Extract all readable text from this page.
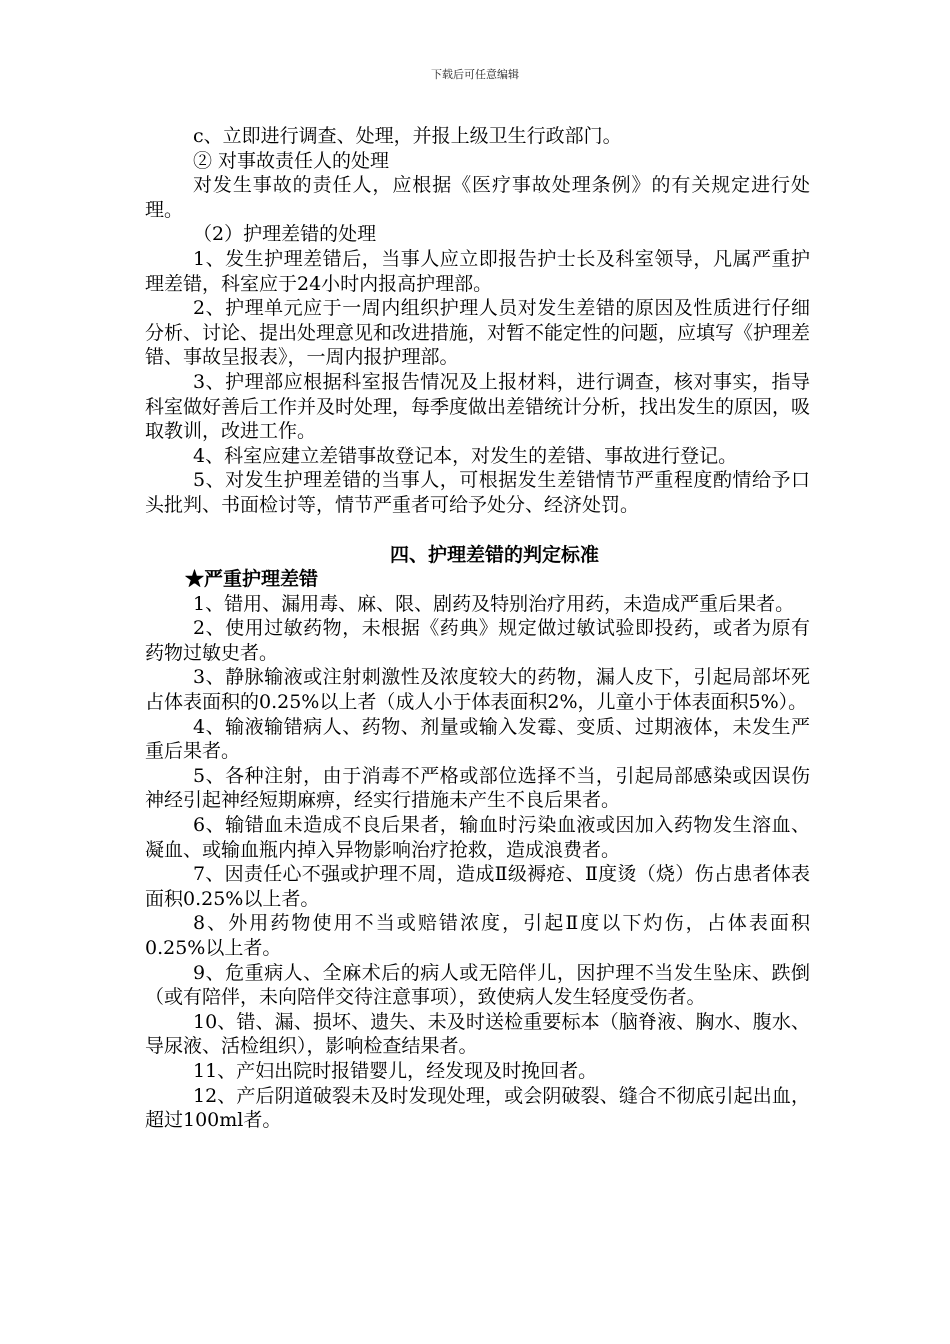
下载后可任意编辑

c、立即进行调查、处理，并报上级卫生行政部门。

② 对事故责任人的处理

对发生事故的责任人，应根据《医疗事故处理条例》的有关规定进行处理。

（2）护理差错的处理

1、发生护理差错后，当事人应立即报告护士长及科室领导，凡属严重护理差错，科室应于24小时内报高护理部。

2、护理单元应于一周内组织护理人员对发生差错的原因及性质进行仔细分析、讨论、提出处理意见和改进措施，对暂不能定性的问题，应填写《护理差错、事故呈报表》，一周内报护理部。

3、护理部应根据科室报告情况及上报材料，进行调查，核对事实，指导科室做好善后工作并及时处理，每季度做出差错统计分析，找出发生的原因，吸取教训，改进工作。

4、科室应建立差错事故登记本，对发生的差错、事故进行登记。

5、对发生护理差错的当事人，可根据发生差错情节严重程度酌情给予口头批判、书面检讨等，情节严重者可给予处分、经济处罚。

四、护理差错的判定标准

★严重护理差错

1、错用、漏用毒、麻、限、剧药及特别治疗用药，未造成严重后果者。

2、使用过敏药物，未根据《药典》规定做过敏试验即投药，或者为原有药物过敏史者。

3、静脉输液或注射刺激性及浓度较大的药物，漏人皮下，引起局部坏死占体表面积的0.25%以上者（成人小于体表面积2%，儿童小于体表面积5%）。

4、输液输错病人、药物、剂量或输入发霉、变质、过期液体，未发生严重后果者。

5、各种注射，由于消毒不严格或部位选择不当，引起局部感染或因误伤神经引起神经短期麻痹，经实行措施未产生不良后果者。

6、输错血未造成不良后果者，输血时污染血液或因加入药物发生溶血、凝血、或输血瓶内掉入异物影响治疗抢救，造成浪费者。

7、因责任心不强或护理不周，造成Ⅱ级褥疮、Ⅱ度烫（烧）伤占患者体表面积0.25%以上者。

8、外用药物使用不当或赔错浓度，引起Ⅱ度以下灼伤，占体表面积0.25%以上者。

9、危重病人、全麻术后的病人或无陪伴儿，因护理不当发生坠床、跌倒（或有陪伴，未向陪伴交待注意事项），致使病人发生轻度受伤者。

10、错、漏、损坏、遗失、未及时送检重要标本（脑脊液、胸水、腹水、导尿液、活检组织），影响检查结果者。

11、产妇出院时报错婴儿，经发现及时挽回者。

12、产后阴道破裂未及时发现处理，或会阴破裂、缝合不彻底引起出血，超过100ml者。
